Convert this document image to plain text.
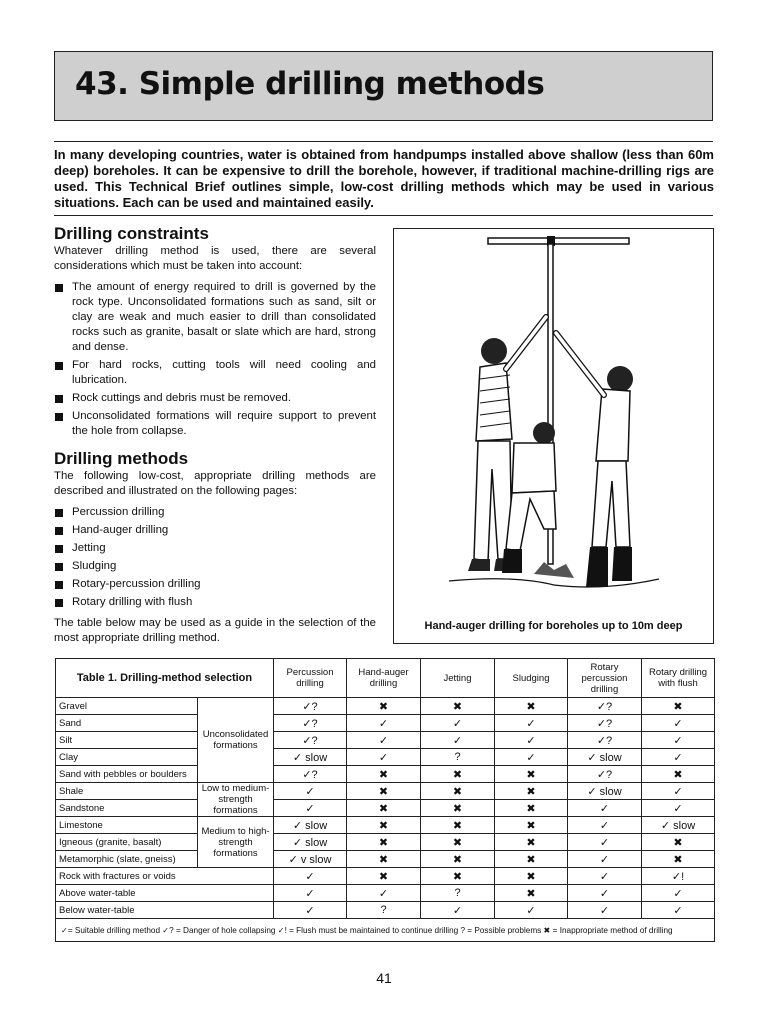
43. Simple drilling methods

In many developing countries, water is obtained from handpumps installed above shallow (less than 60m deep) boreholes. It can be expensive to drill the borehole, however, if traditional machine-drilling rigs are used. This Technical Brief outlines simple, low-cost drilling methods which may be used in various situations. Each can be used and maintained easily.

Drilling constraints

Whatever drilling method is used, there are several considerations which must be taken into account:

The amount of energy required to drill is governed by the rock type. Unconsolidated formations such as sand, silt or clay are weak and much easier to drill than consolidated rocks such as granite, basalt or slate which are hard, strong and dense.
For hard rocks, cutting tools will need cooling and lubrication.
Rock cuttings and debris must be removed.
Unconsolidated formations will require support to prevent the hole from collapse.
Drilling methods

The following low-cost, appropriate drilling methods are described and illustrated on the following pages:

Percussion drilling
Hand-auger drilling
Jetting
Sludging
Rotary-percussion drilling
Rotary drilling with flush

The table below may be used as a guide in the selection of the most appropriate drilling method.

Hand-auger drilling for boreholes up to 10m deep
Table 1. Drilling-method selection		Percussion drilling	Hand-auger drilling	Jetting	Sludging	Rotary percussion drilling	Rotary drilling with flush
Gravel	Unconsolidated formations	✓?	✖	✖	✖	✓?	✖
Sand		✓?	✓	✓	✓	✓?	✓
Silt		✓?	✓	✓	✓	✓?	✓
Clay		✓ slow	✓	?	✓	✓ slow	✓
Sand with pebbles or boulders		✓?	✖	✖	✖	✓?	✖
Shale	Low to medium-strength formations	✓	✖	✖	✖	✓ slow	✓
Sandstone		✓	✖	✖	✖	✓	✓
Limestone	Medium to high-strength formations	✓ slow	✖	✖	✖	✓	✓ slow
Igneous (granite, basalt)		✓ slow	✖	✖	✖	✓	✖
Metamorphic (slate, gneiss)		✓ v slow	✖	✖	✖	✓	✖
Rock with fractures or voids		✓	✖	✖	✖	✓	✓!
Above water-table		✓	✓	?	✖	✓	✓
Below water-table		✓	?	✓	✓	✓	✓
✓= Suitable drilling method ✓? = Danger of hole collapsing ✓! = Flush must be maintained to continue drilling ? = Possible problems ✖ = Inappropriate method of drilling							
41
